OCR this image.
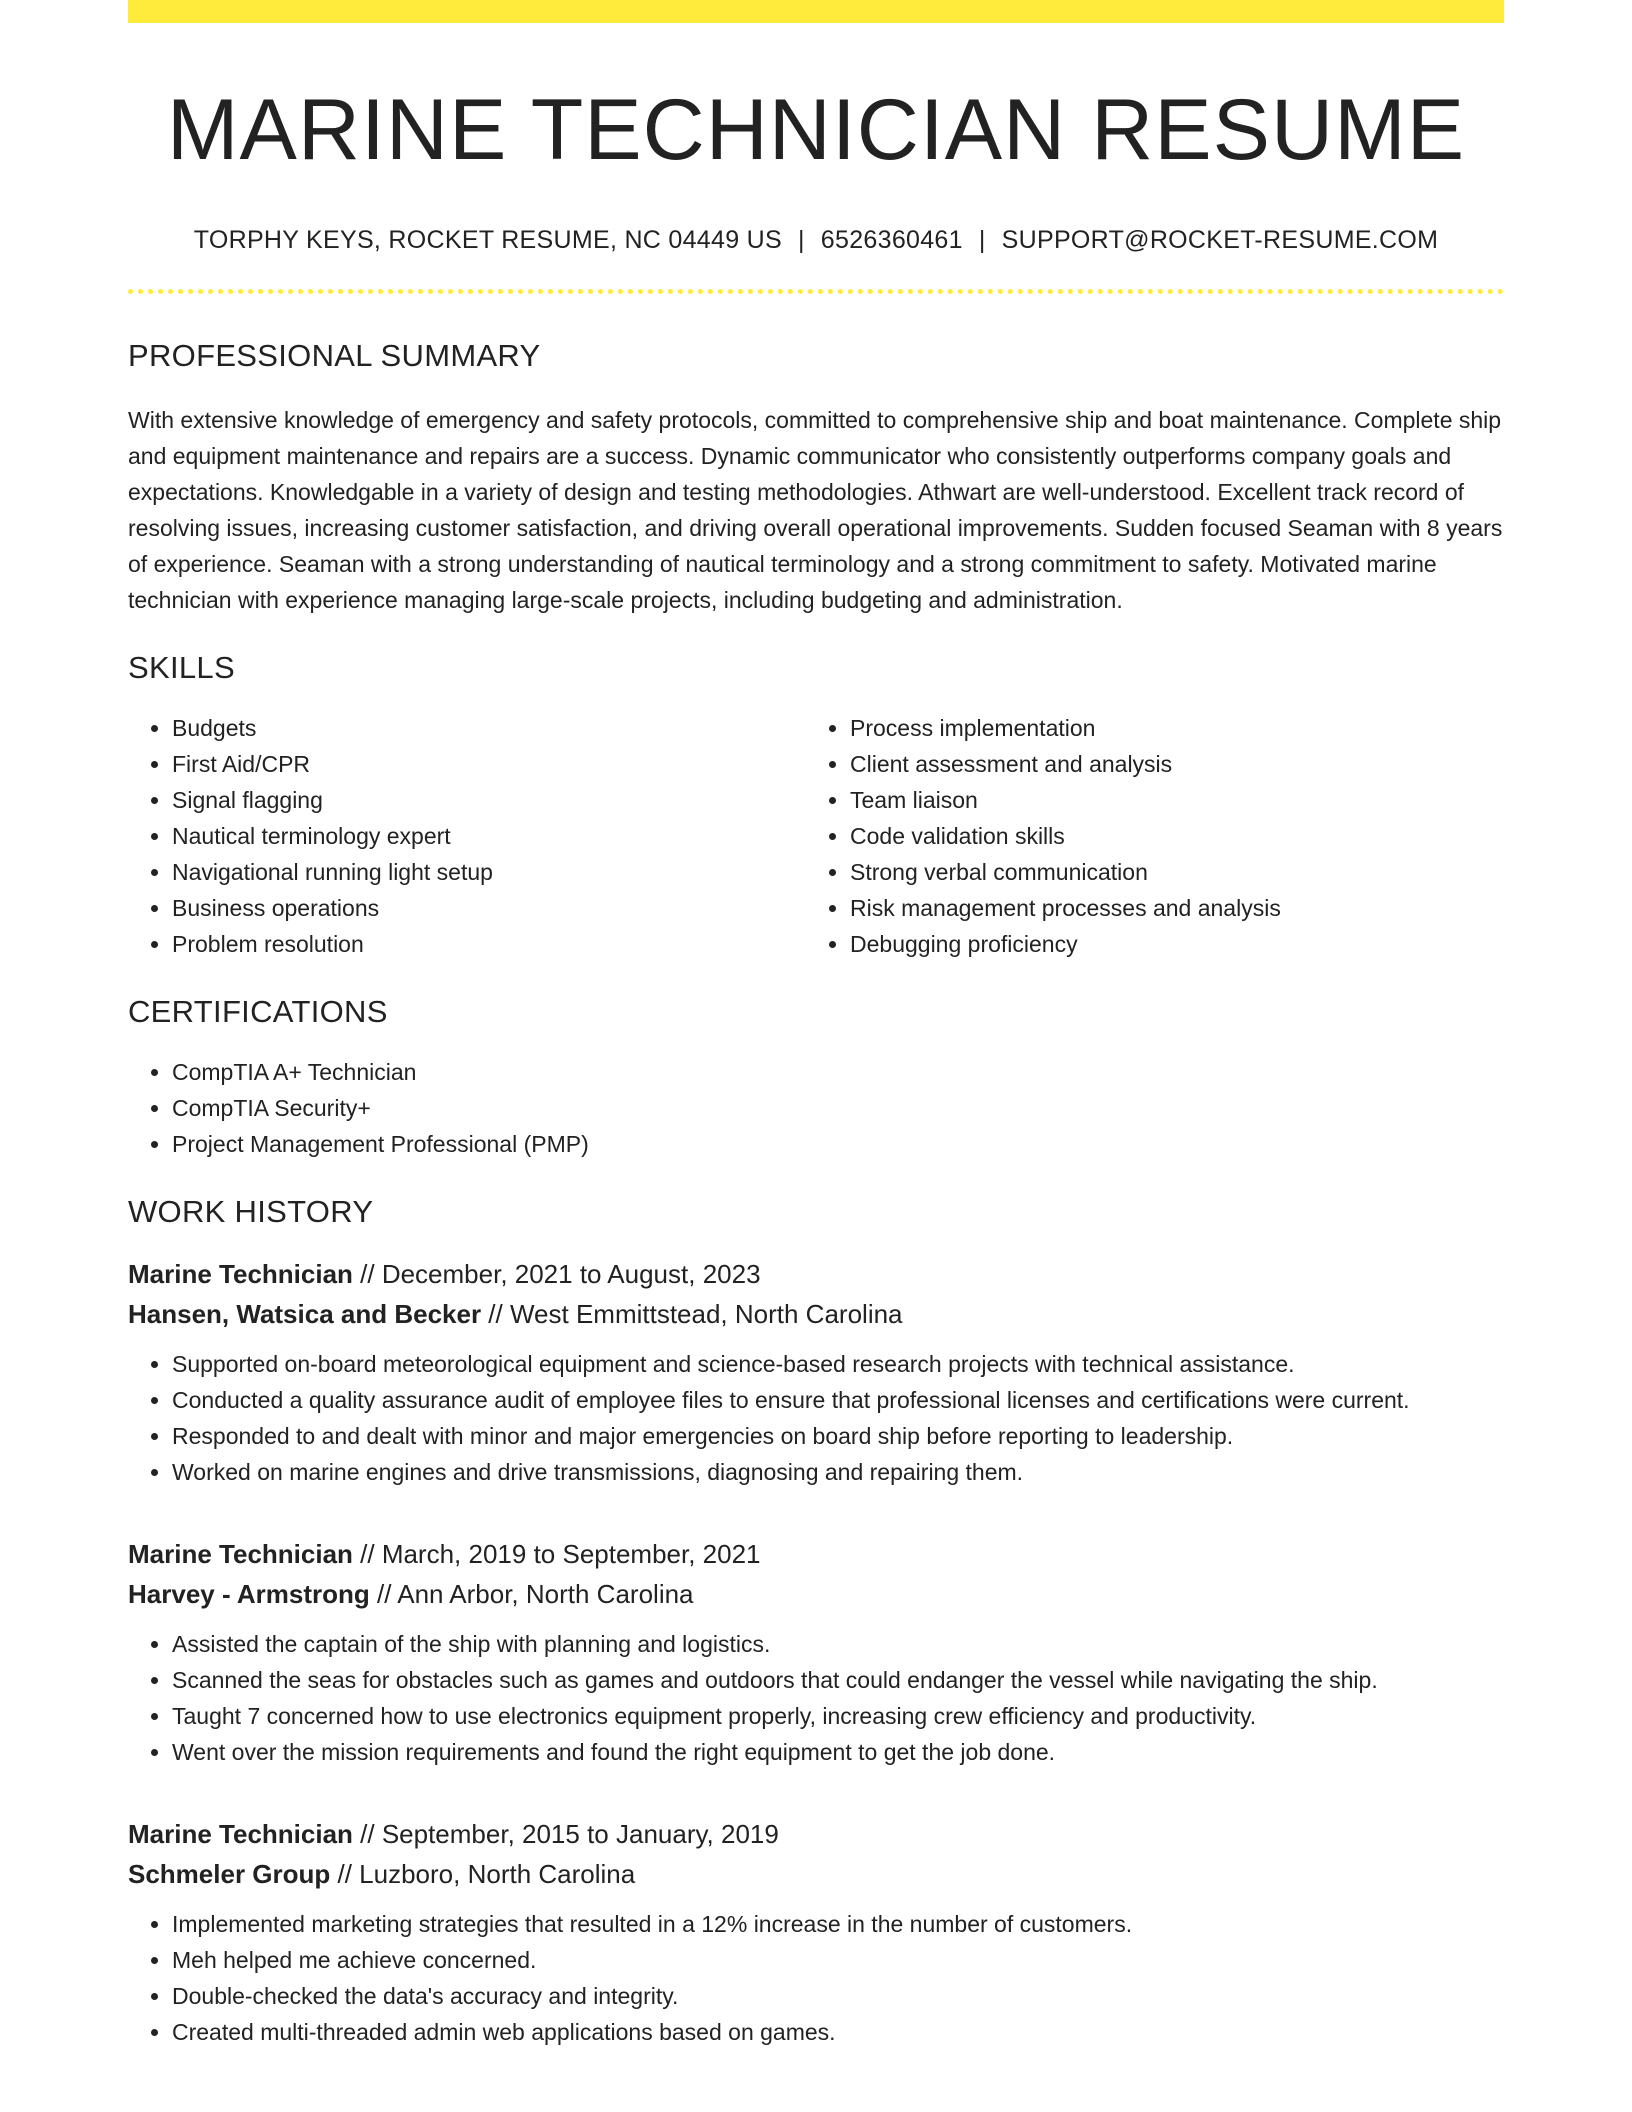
MARINE TECHNICIAN RESUME
TORPHY KEYS, ROCKET RESUME, NC 04449 US | 6526360461 | SUPPORT@ROCKET-RESUME.COM
PROFESSIONAL SUMMARY

With extensive knowledge of emergency and safety protocols, committed to comprehensive ship and boat maintenance. Complete ship and equipment maintenance and repairs are a success. Dynamic communicator who consistently outperforms company goals and expectations. Knowledgable in a variety of design and testing methodologies. Athwart are well-understood. Excellent track record of resolving issues, increasing customer satisfaction, and driving overall operational improvements. Sudden focused Seaman with 8 years of experience. Seaman with a strong understanding of nautical terminology and a strong commitment to safety. Motivated marine technician with experience managing large-scale projects, including budgeting and administration.

SKILLS
• Budgets
• First Aid/CPR
• Signal flagging
• Nautical terminology expert
• Navigational running light setup
• Business operations
• Problem resolution
• Process implementation
• Client assessment and analysis
• Team liaison
• Code validation skills
• Strong verbal communication
• Risk management processes and analysis
• Debugging proficiency
CERTIFICATIONS
• CompTIA A+ Technician
• CompTIA Security+
• Project Management Professional (PMP)
WORK HISTORY
Marine Technician // December, 2021 to August, 2023
Hansen, Watsica and Becker // West Emmittstead, North Carolina
• Supported on-board meteorological equipment and science-based research projects with technical assistance.
• Conducted a quality assurance audit of employee files to ensure that professional licenses and certifications were current.
• Responded to and dealt with minor and major emergencies on board ship before reporting to leadership.
• Worked on marine engines and drive transmissions, diagnosing and repairing them.
Marine Technician // March, 2019 to September, 2021
Harvey - Armstrong // Ann Arbor, North Carolina
• Assisted the captain of the ship with planning and logistics.
• Scanned the seas for obstacles such as games and outdoors that could endanger the vessel while navigating the ship.
• Taught 7 concerned how to use electronics equipment properly, increasing crew efficiency and productivity.
• Went over the mission requirements and found the right equipment to get the job done.
Marine Technician // September, 2015 to January, 2019
Schmeler Group // Luzboro, North Carolina
• Implemented marketing strategies that resulted in a 12% increase in the number of customers.
• Meh helped me achieve concerned.
• Double-checked the data's accuracy and integrity.
• Created multi-threaded admin web applications based on games.
